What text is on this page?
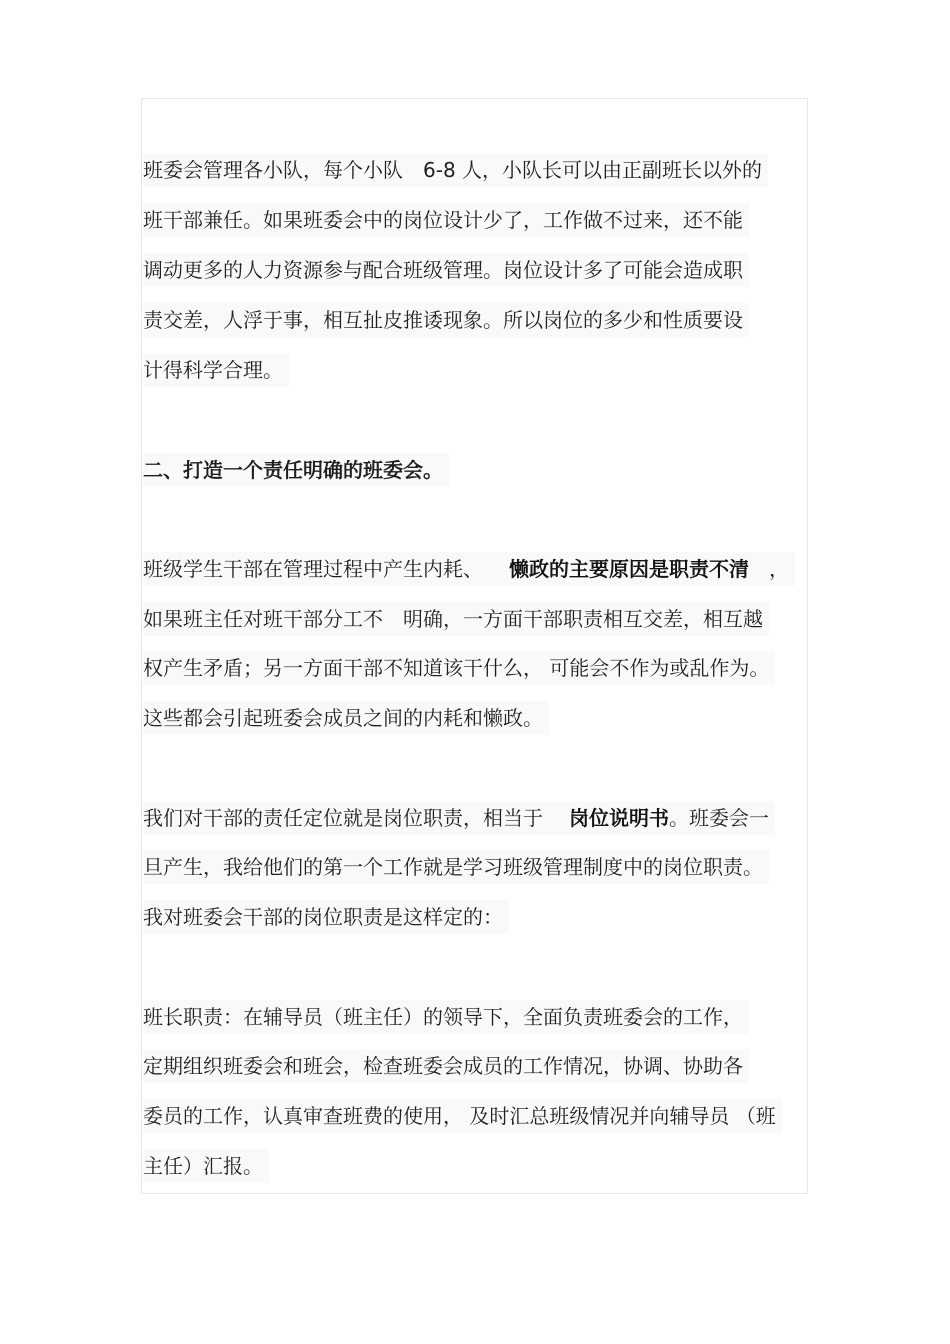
班委会管理各小队，每个小队　6-8 人，小队长可以由正副班长以外的
班干部兼任。如果班委会中的岗位设计少了，工作做不过来，还不能
调动更多的人力资源参与配合班级管理。岗位设计多了可能会造成职
责交差，人浮于事，相互扯皮推诿现象。所以岗位的多少和性质要设
计得科学合理。
二、打造一个责任明确的班委会。
班级学生干部在管理过程中产生内耗、 懒政的主要原因是职责不清 ，
如果班主任对班干部分工不　明确，一方面干部职责相互交差，相互越
权产生矛盾；另一方面干部不知道该干什么， 可能会不作为或乱作为。
这些都会引起班委会成员之间的内耗和懒政。
我们对干部的责任定位就是岗位职责，相当于 岗位说明书。班委会一
旦产生，我给他们的第一个工作就是学习班级管理制度中的岗位职责。
我对班委会干部的岗位职责是这样定的：
班长职责：在辅导员（班主任）的领导下，全面负责班委会的工作，
定期组织班委会和班会，检查班委会成员的工作情况，协调、协助各
委员的工作，认真审查班费的使用， 及时汇总班级情况并向辅导员 （班
主任）汇报。
